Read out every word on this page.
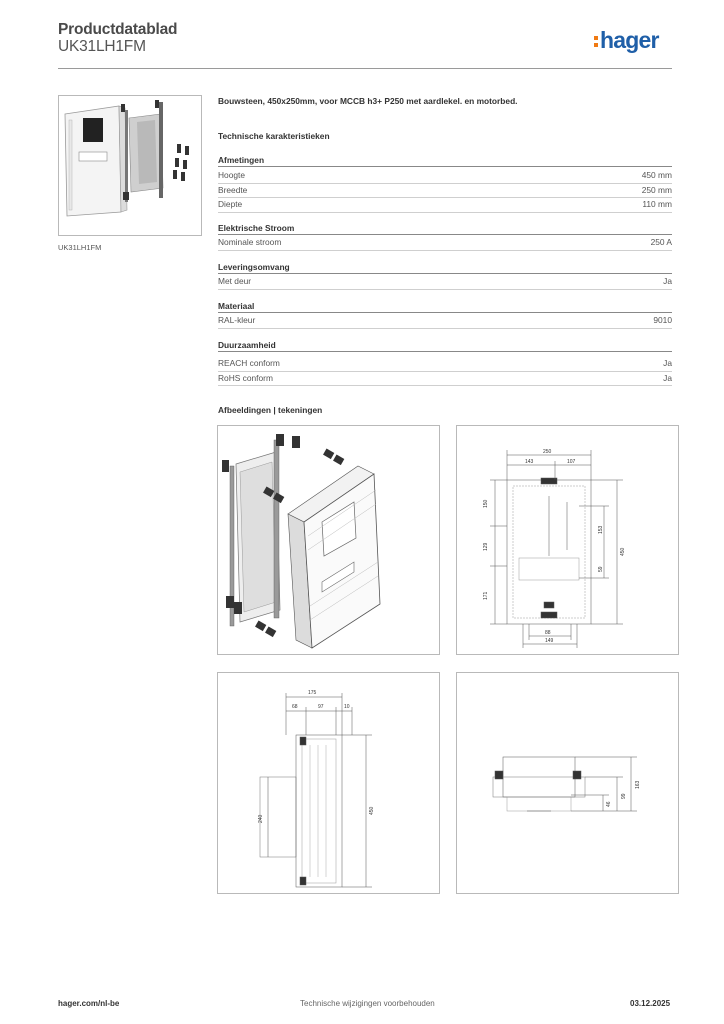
Productdatablad
UK31LH1FM	hager
UK31LH1FM
Bouwsteen, 450x250mm, voor MCCB h3+ P250 met aardlekel. en motorbed.
Technische karakteristieken
Afmetingen
Hoogte	450 mm
Breedte	250 mm
Diepte	110 mm
Elektrische Stroom
Nominale stroom	250 A
Leveringsomvang
Met deur	Ja
Materiaal
RAL-kleur	9010
Duurzaamheid
REACH conform	Ja
RoHS conform	Ja
Afbeeldingen | tekeningen
250
143	107
150
129
171
153
59
450
88
149
175
68	97	10
240
450
163
99
46
hager.com/nl-be	Technische wijzigingen voorbehouden	03.12.2025
